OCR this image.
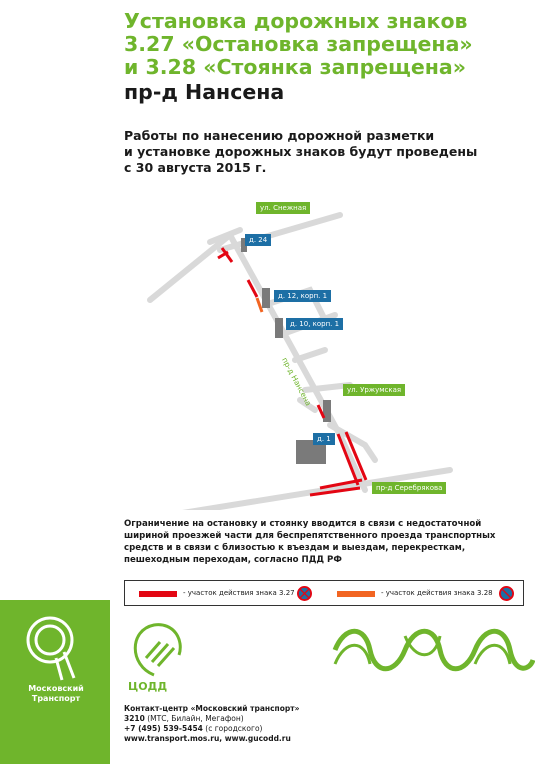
Московский
Транспорт
Установка дорожных знаков
3.27 «Остановка запрещена»
и 3.28 «Стоянка запрещена»
пр-д Нансена
Работы по нанесению дорожной разметки
и установке дорожных знаков будут проведены
с 30 августа 2015 г.
ул. Снежная
д. 24
д. 12, корп. 1
д. 10, корп. 1
ул. Уржумская
д. 1
пр-д Серебрякова
пр-д Нансена
Ограничение на остановку и стоянку вводится в связи с недостаточной
шириной проезжей части для беспрепятственного проезда транспортных
средств и в связи с близостью к въездам и выездам, перекресткам,
пешеходным переходам, согласно ПДД РФ
- участок действия знака 3.27	- участок действия знака 3.28
ЦОДД
Контакт-центр «Московский транспорт»
3210 (МТС, Билайн, Мегафон)
+7 (495) 539-5454 (с городского)
www.transport.mos.ru, www.gucodd.ru
